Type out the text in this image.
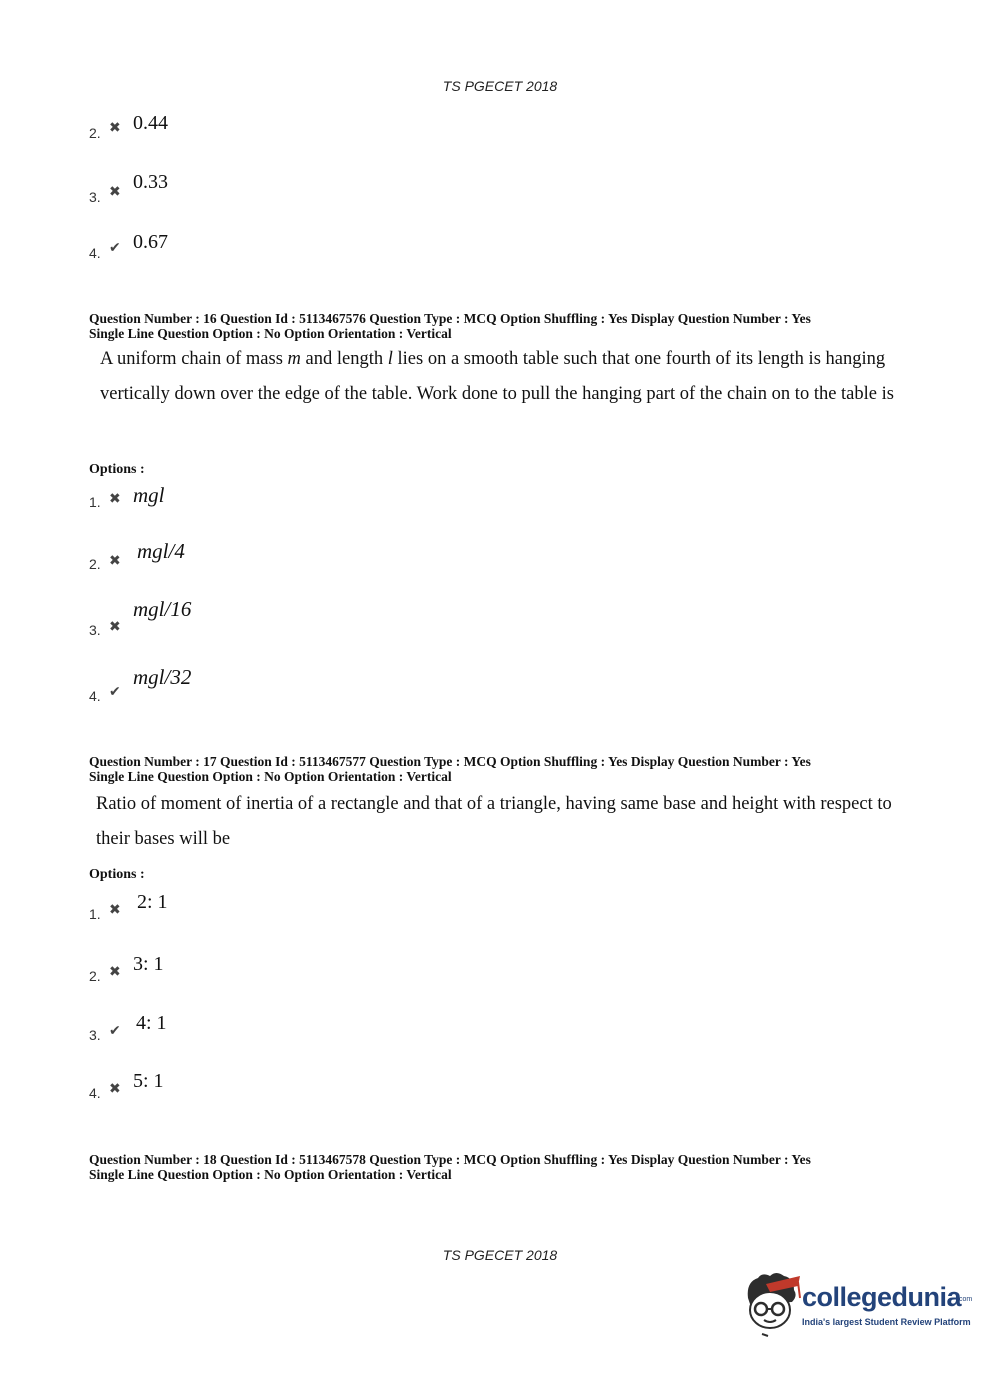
TS PGECET 2018
2. ✖ 0.44
3. ✖ 0.33
4. ✔ 0.67
Question Number : 16 Question Id : 5113467576 Question Type : MCQ Option Shuffling : Yes Display Question Number : Yes
Single Line Question Option : No Option Orientation : Vertical
A uniform chain of mass m and length l lies on a smooth table such that one fourth of its length is hanging vertically down over the edge of the table. Work done to pull the hanging part of the chain on to the table is
Options :
1. ✖ mgl
2. ✖ mgl/4
3. ✖
mgl/16
4. ✔
mgl/32
Question Number : 17 Question Id : 5113467577 Question Type : MCQ Option Shuffling : Yes Display Question Number : Yes
Single Line Question Option : No Option Orientation : Vertical
Ratio of moment of inertia of a rectangle and that of a triangle, having same base and height with respect to their bases will be
Options :
1. ✖ 2: 1
2. ✖ 3: 1
3. ✔ 4: 1
4. ✖ 5: 1
Question Number : 18 Question Id : 5113467578 Question Type : MCQ Option Shuffling : Yes Display Question Number : Yes
Single Line Question Option : No Option Orientation : Vertical
TS PGECET 2018
collegedunia
.com
India's largest Student Review Platform
